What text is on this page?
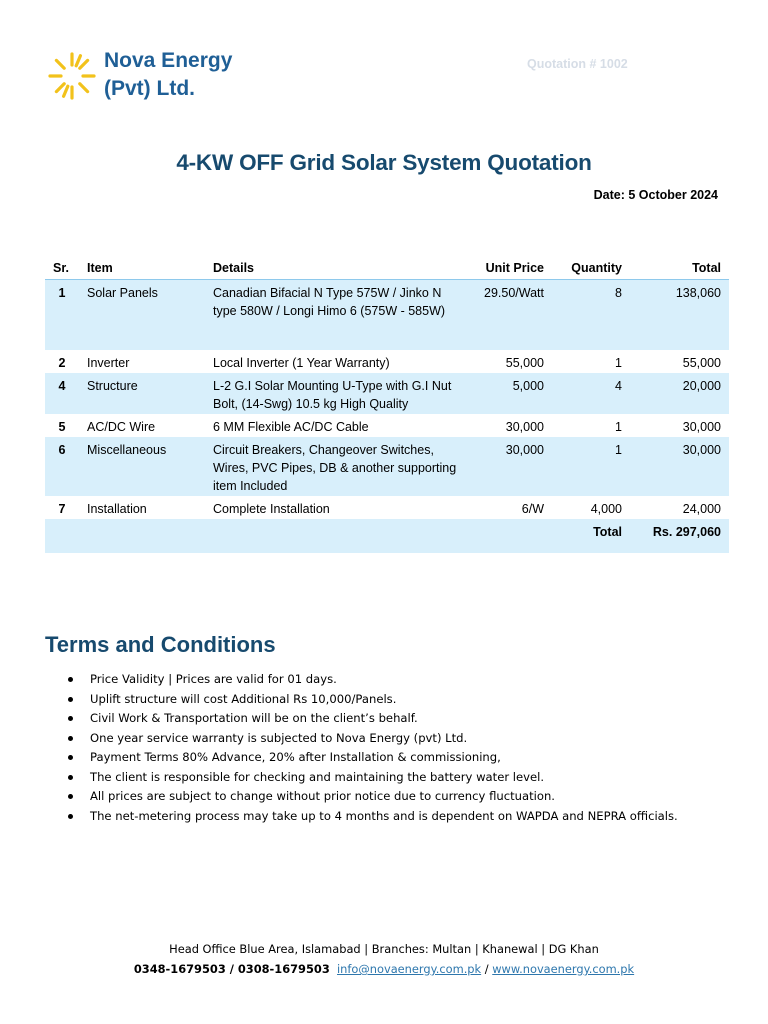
Nova Energy
(Pvt) Ltd.
Quotation # 1002
4-KW OFF Grid Solar System Quotation
Date: 5 October 2024
Sr.	Item	Details	Unit Price	Quantity	Total
1	Solar Panels	Canadian Bifacial N Type 575W / Jinko N type 580W / Longi Himo 6 (575W - 585W)	29.50/Watt	8	138,060
2	Inverter	Local Inverter (1 Year Warranty)	55,000	1	55,000
4	Structure	L-2 G.I Solar Mounting U-Type with G.I Nut Bolt, (14-Swg) 10.5 kg High Quality	5,000	4	20,000
5	AC/DC Wire	6 MM Flexible AC/DC Cable	30,000	1	30,000
6	Miscellaneous	Circuit Breakers, Changeover Switches, Wires, PVC Pipes, DB & another supporting item Included	30,000	1	30,000
7	Installation	Complete Installation	6/W	4,000	24,000
				Total	Rs. 297,060
Terms and Conditions
Price Validity | Prices are valid for 01 days.
Uplift structure will cost Additional Rs 10,000/Panels.
Civil Work & Transportation will be on the client’s behalf.
One year service warranty is subjected to Nova Energy (pvt) Ltd.
Payment Terms 80% Advance, 20% after Installation & commissioning,
The client is responsible for checking and maintaining the battery water level.
All prices are subject to change without prior notice due to currency fluctuation.
The net-metering process may take up to 4 months and is dependent on WAPDA and NEPRA officials.
Head Office Blue Area, Islamabad | Branches: Multan | Khanewal | DG Khan
0348-1679503 / 0308-1679503 info@novaenergy.com.pk / www.novaenergy.com.pk
